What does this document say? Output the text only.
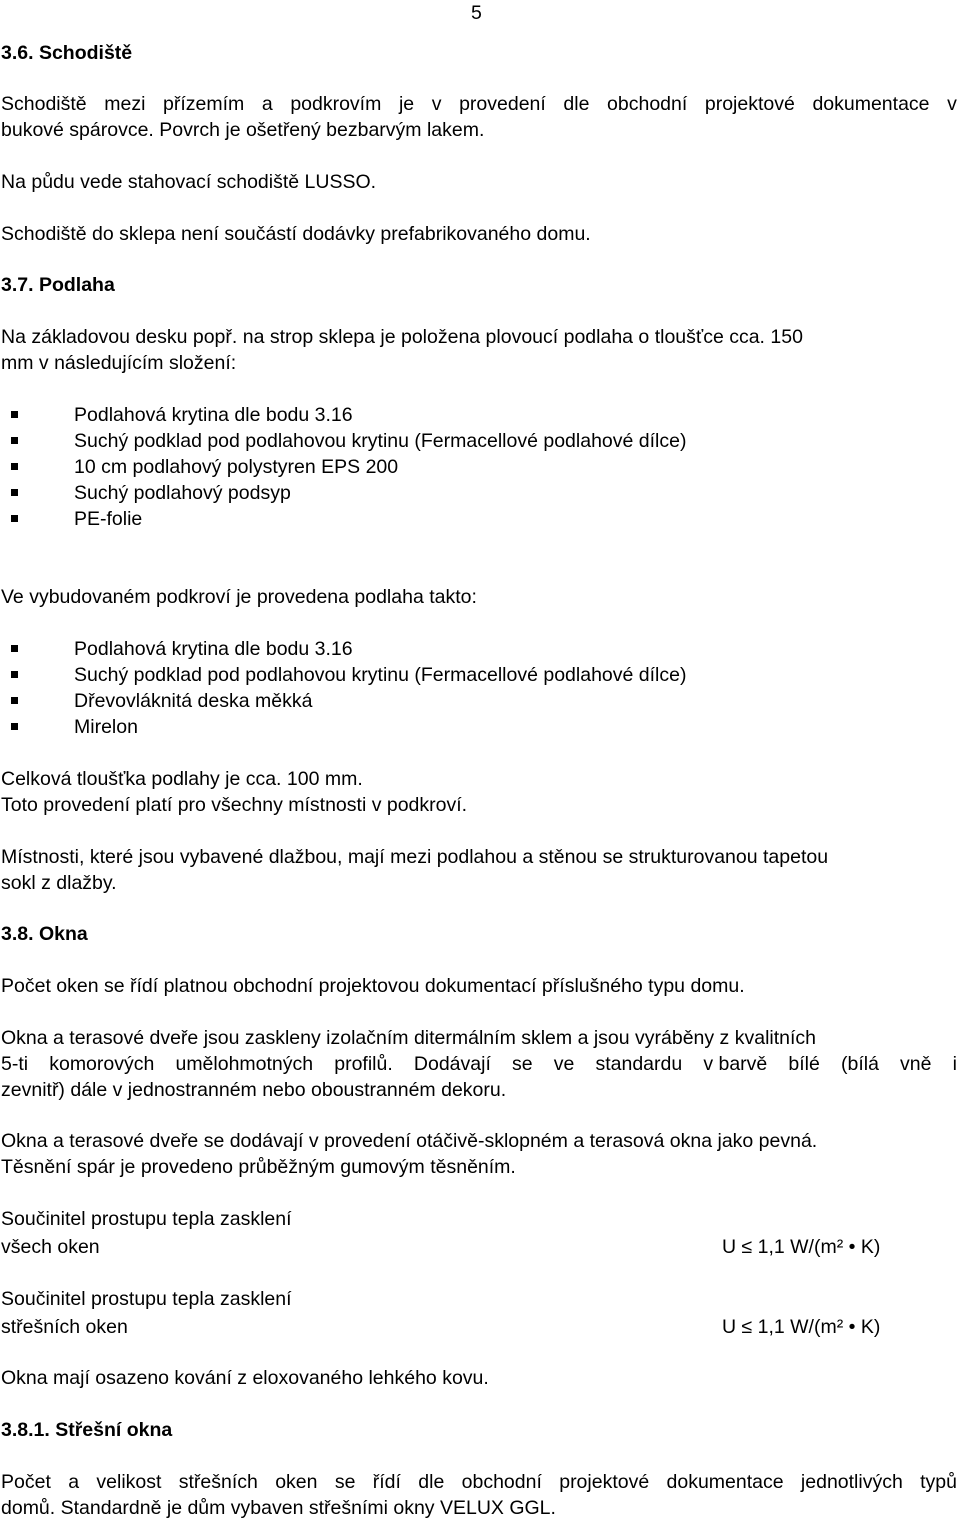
5
3.6. Schodiště
Schodiště mezi přízemím a podkrovím je v provedení dle obchodní projektové dokumentace v
bukové spárovce. Povrch je ošetřený bezbarvým lakem.
Na půdu vede stahovací schodiště LUSSO.
Schodiště do sklepa není součástí dodávky prefabrikovaného domu.
3.7. Podlaha
Na základovou desku popř. na strop sklepa je položena plovoucí podlaha o tloušťce cca. 150
mm v následujícím složení:
Podlahová krytina dle bodu 3.16
Suchý podklad pod podlahovou krytinu (Fermacellové podlahové dílce)
10 cm podlahový polystyren EPS 200
Suchý podlahový podsyp
PE-folie
Ve vybudovaném podkroví je provedena podlaha takto:
Podlahová krytina dle bodu 3.16
Suchý podklad pod podlahovou krytinu (Fermacellové podlahové dílce)
Dřevovláknitá deska měkká
Mirelon
Celková tloušťka podlahy je cca. 100 mm.
Toto provedení platí pro všechny místnosti v podkroví.
Místnosti, které jsou vybavené dlažbou, mají mezi podlahou a stěnou se strukturovanou tapetou
sokl z dlažby.
3.8. Okna
Počet oken se řídí platnou obchodní projektovou dokumentací příslušného typu domu.
Okna a terasové dveře jsou zaskleny izolačním ditermálním sklem a jsou vyráběny z kvalitních
5-ti komorových umělohmotných profilů. Dodávají se ve standardu v barvě bílé (bílá vně i
zevnitř) dále v jednostranném nebo oboustranném dekoru.
Okna a terasové dveře se dodávají v provedení otáčivě-sklopném a terasová okna jako pevná.
Těsnění spár je provedeno průběžným gumovým těsněním.
Součinitel prostupu tepla zasklení
všech oken	U ≤ 1,1 W/(m² • K)
Součinitel prostupu tepla zasklení
střešních oken	U ≤ 1,1 W/(m² • K)
Okna mají osazeno kování z eloxovaného lehkého kovu.
3.8.1. Střešní okna
Počet a velikost střešních oken se řídí dle obchodní projektové dokumentace jednotlivých typů
domů. Standardně je dům vybaven střešními okny VELUX GGL.
